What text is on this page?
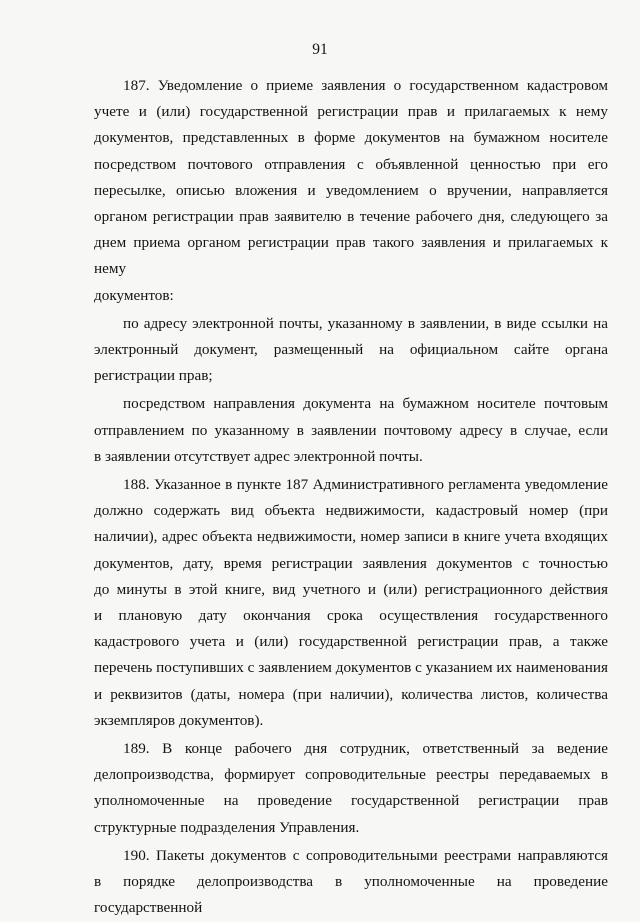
91
187. Уведомление о приеме заявления о государственном кадастровом
учете и (или) государственной регистрации прав и прилагаемых к нему
документов, представленных в форме документов на бумажном носителе
посредством почтового отправления с объявленной ценностью при его
пересылке, описью вложения и уведомлением о вручении, направляется
органом регистрации прав заявителю в течение рабочего дня, следующего за
днем приема органом регистрации прав такого заявления и прилагаемых к нему
документов:
по адресу электронной почты, указанному в заявлении, в виде ссылки на
электронный документ, размещенный на официальном сайте органа
регистрации прав;
посредством направления документа на бумажном носителе почтовым
отправлением по указанному в заявлении почтовому адресу в случае, если
в заявлении отсутствует адрес электронной почты.
188. Указанное в пункте 187 Административного регламента уведомление
должно содержать вид объекта недвижимости, кадастровый номер (при
наличии), адрес объекта недвижимости, номер записи в книге учета входящих
документов, дату, время регистрации заявления документов с точностью
до минуты в этой книге, вид учетного и (или) регистрационного действия
и плановую дату окончания срока осуществления государственного
кадастрового учета и (или) государственной регистрации прав, а также
перечень поступивших с заявлением документов с указанием их наименования
и реквизитов (даты, номера (при наличии), количества листов, количества
экземпляров документов).
189. В конце рабочего дня сотрудник, ответственный за ведение
делопроизводства, формирует сопроводительные реестры передаваемых в
уполномоченные на проведение государственной регистрации прав
структурные подразделения Управления.
190. Пакеты документов с сопроводительными реестрами направляются
в порядке делопроизводства в уполномоченные на проведение государственной
